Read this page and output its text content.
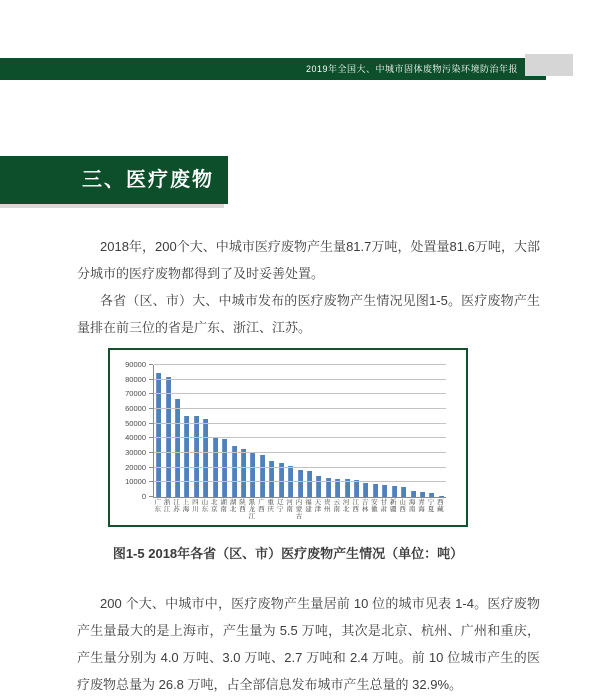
2019年全国大、中城市固体废物污染环境防治年报
三、医疗废物

2018年，200个大、中城市医疗废物产生量81.7万吨，处置量81.6万吨，大部分城市的医疗废物都得到了及时妥善处置。

各省（区、市）大、中城市发布的医疗废物产生情况见图1-5。医疗废物产生量排在前三位的省是广东、浙江、江苏。

0
10000
20000
30000
40000
50000
60000
70000
80000
90000
广东
浙江
江苏
上海
四川
山东
北京
湖南
湖北
陕西
黑龙江
广西
重庆
辽宁
河南
内蒙古
福建
天津
贵州
云南
河北
江西
吉林
安徽
甘肃
新疆
山西
海南
青海
宁夏
西藏
图1-5 2018年各省（区、市）医疗废物产生情况（单位：吨）

200 个大、中城市中，医疗废物产生量居前 10 位的城市见表 1-4。医疗废物产生量最大的是上海市，产生量为 5.5 万吨，其次是北京、杭州、广州和重庆，产生量分别为 4.0 万吨、3.0 万吨、2.7 万吨和 2.4 万吨。前 10 位城市产生的医疗废物总量为 26.8 万吨，占全部信息发布城市产生总量的 32.9%。
